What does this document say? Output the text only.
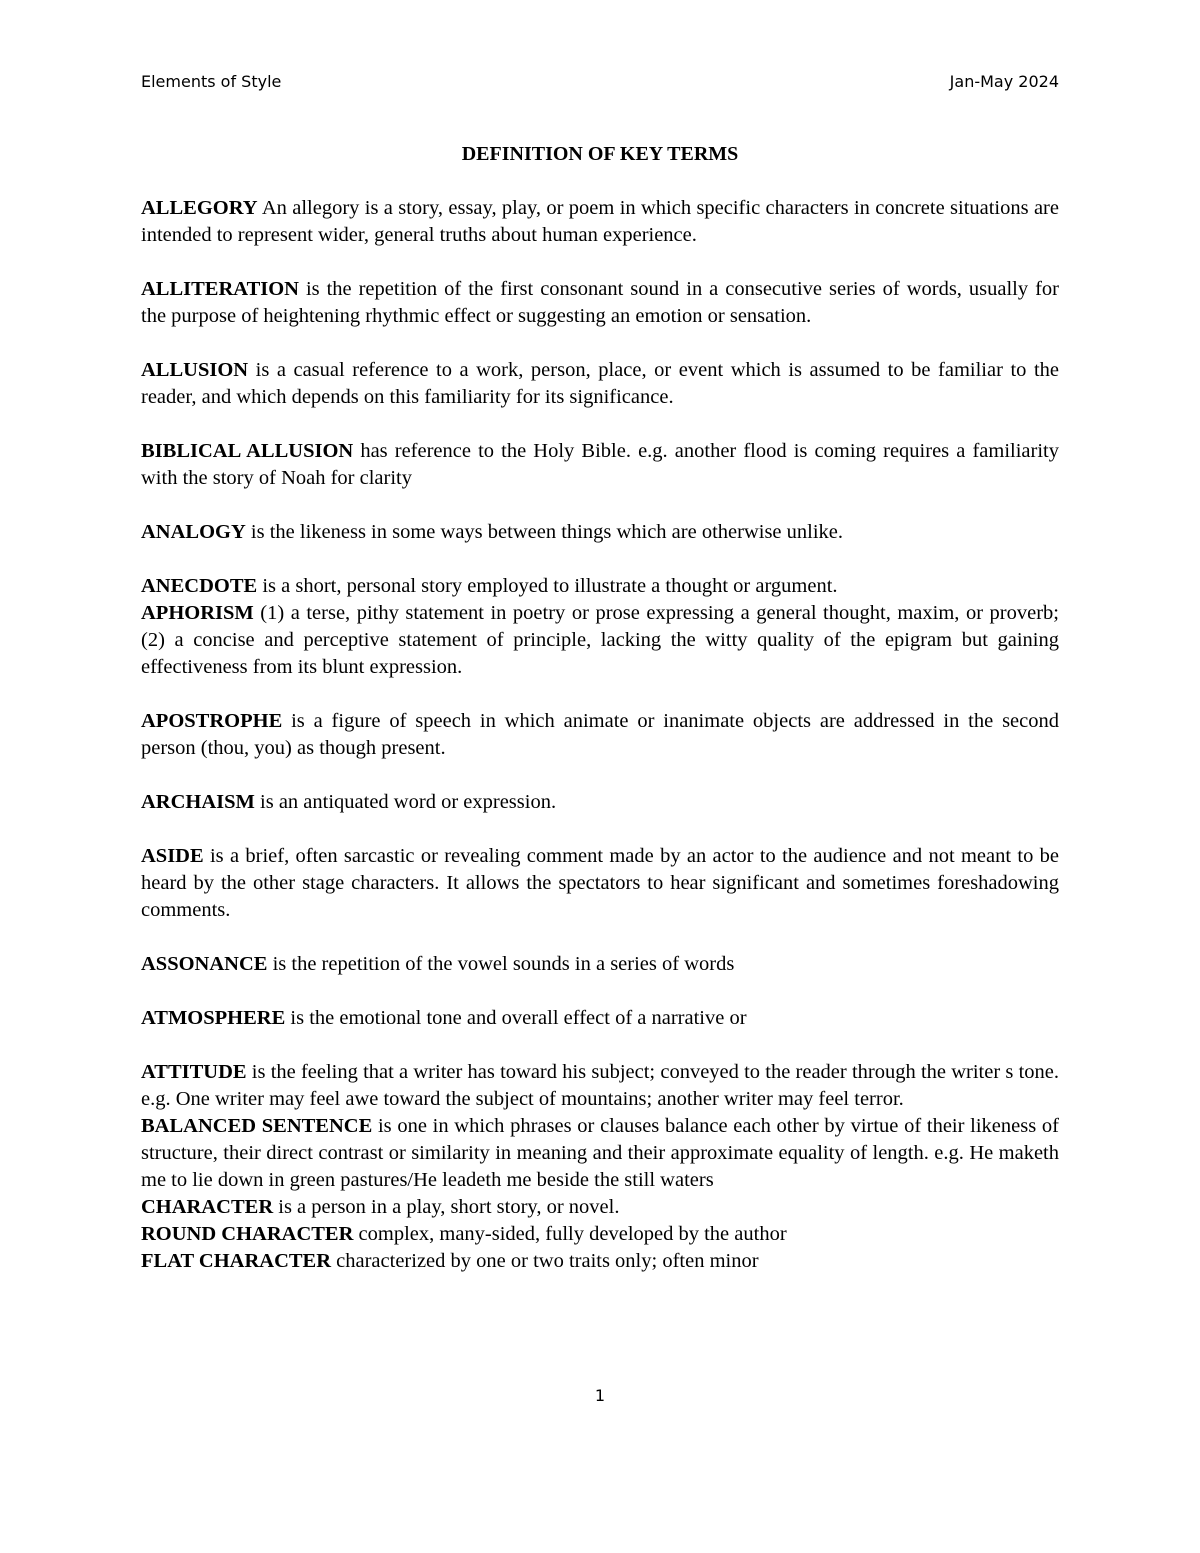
Elements of Style	Jan-May 2024
DEFINITION OF KEY TERMS

ALLEGORY An allegory is a story, essay, play, or poem in which specific characters in concrete situations are intended to represent wider, general truths about human experience.

ALLITERATION is the repetition of the first consonant sound in a consecutive series of words, usually for the purpose of heightening rhythmic effect or suggesting an emotion or sensation.

ALLUSION is a casual reference to a work, person, place, or event which is assumed to be familiar to the reader, and which depends on this familiarity for its significance.

BIBLICAL ALLUSION has reference to the Holy Bible. e.g. another flood is coming requires a familiarity with the story of Noah for clarity

ANALOGY is the likeness in some ways between things which are otherwise unlike.

ANECDOTE is a short, personal story employed to illustrate a thought or argument.

APHORISM (1) a terse, pithy statement in poetry or prose expressing a general thought, maxim, or proverb; (2) a concise and perceptive statement of principle, lacking the witty quality of the epigram but gaining effectiveness from its blunt expression.

APOSTROPHE is a figure of speech in which animate or inanimate objects are addressed in the second person (thou, you) as though present.

ARCHAISM is an antiquated word or expression.

ASIDE is a brief, often sarcastic or revealing comment made by an actor to the audience and not meant to be heard by the other stage characters. It allows the spectators to hear significant and sometimes foreshadowing comments.

ASSONANCE is the repetition of the vowel sounds in a series of words

ATMOSPHERE is the emotional tone and overall effect of a narrative or

ATTITUDE is the feeling that a writer has toward his subject; conveyed to the reader through the writer s tone. e.g. One writer may feel awe toward the subject of mountains; another writer may feel terror.

BALANCED SENTENCE is one in which phrases or clauses balance each other by virtue of their likeness of structure, their direct contrast or similarity in meaning and their approximate equality of length. e.g. He maketh me to lie down in green pastures/He leadeth me beside the still waters

CHARACTER is a person in a play, short story, or novel.

ROUND CHARACTER complex, many-sided, fully developed by the author

FLAT CHARACTER characterized by one or two traits only; often minor

1
